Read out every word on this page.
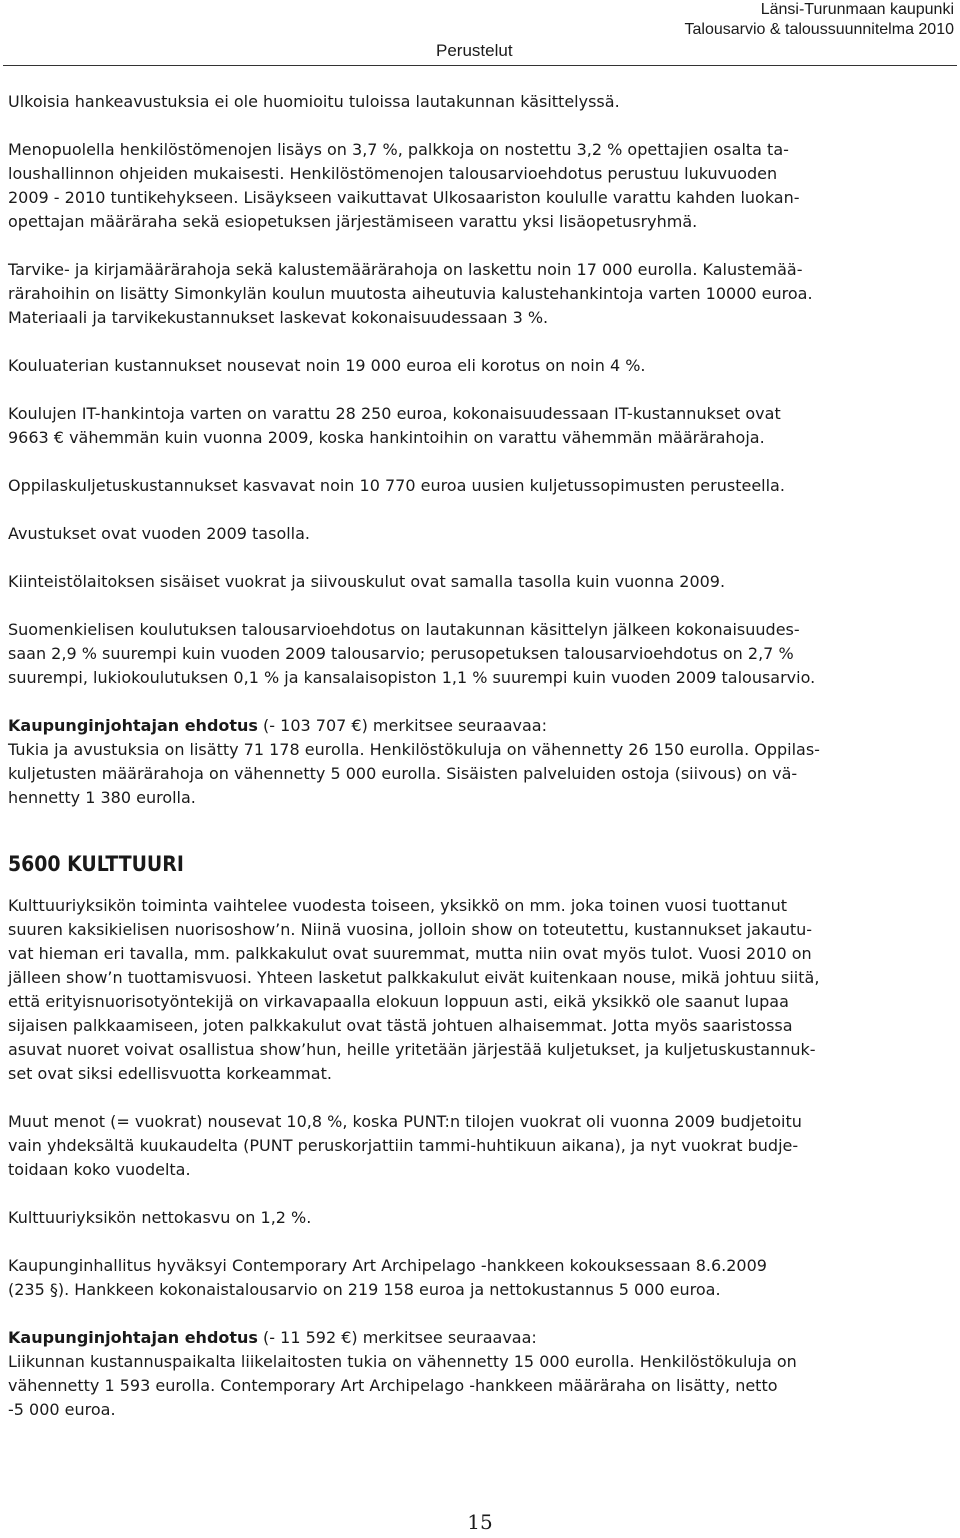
Perustelut
Länsi-Turunmaan kaupunki
Talousarvio & taloussuunnitelma 2010

Ulkoisia hankeavustuksia ei ole huomioitu tuloissa lautakunnan käsittelyssä.

Menopuolella henkilöstömenojen lisäys on 3,7 %, palkkoja on nostettu 3,2 % opettajien osalta ta-
loushallinnon ohjeiden mukaisesti. Henkilöstömenojen talousarvioehdotus perustuu lukuvuoden
2009 - 2010 tuntikehykseen. Lisäykseen vaikuttavat Ulkosaariston koululle varattu kahden luokan-
opettajan määräraha sekä esiopetuksen järjestämiseen varattu yksi lisäopetusryhmä.

Tarvike- ja kirjamäärärahoja sekä kalustemäärärahoja on laskettu noin 17 000 eurolla. Kalustemää-
rärahoihin on lisätty Simonkylän koulun muutosta aiheutuvia kalustehankintoja varten 10000 euroa.
Materiaali ja tarvikekustannukset laskevat kokonaisuudessaan 3 %.

Kouluaterian kustannukset nousevat noin 19 000 euroa eli korotus on noin 4 %.

Koulujen IT-hankintoja varten on varattu 28 250 euroa, kokonaisuudessaan IT-kustannukset ovat
9663 € vähemmän kuin vuonna 2009, koska hankintoihin on varattu vähemmän määrärahoja.

Oppilaskuljetuskustannukset kasvavat noin 10 770 euroa uusien kuljetussopimusten perusteella.

Avustukset ovat vuoden 2009 tasolla.

Kiinteistölaitoksen sisäiset vuokrat ja siivouskulut ovat samalla tasolla kuin vuonna 2009.

Suomenkielisen koulutuksen talousarvioehdotus on lautakunnan käsittelyn jälkeen kokonaisuudes-
saan 2,9 % suurempi kuin vuoden 2009 talousarvio; perusopetuksen talousarvioehdotus on 2,7 %
suurempi, lukiokoulutuksen 0,1 % ja kansalaisopiston 1,1 % suurempi kuin vuoden 2009 talousarvio.

Kaupunginjohtajan ehdotus (- 103 707 €) merkitsee seuraavaa:
Tukia ja avustuksia on lisätty 71 178 eurolla. Henkilöstökuluja on vähennetty 26 150 eurolla. Oppilas-
kuljetusten määrärahoja on vähennetty 5 000 eurolla. Sisäisten palveluiden ostoja (siivous) on vä-
hennetty 1 380 eurolla.

5600 KULTTUURI

Kulttuuriyksikön toiminta vaihtelee vuodesta toiseen, yksikkö on mm. joka toinen vuosi tuottanut
suuren kaksikielisen nuorisoshow’n. Niinä vuosina, jolloin show on toteutettu, kustannukset jakautu-
vat hieman eri tavalla, mm. palkkakulut ovat suuremmat, mutta niin ovat myös tulot. Vuosi 2010 on
jälleen show’n tuottamisvuosi. Yhteen lasketut palkkakulut eivät kuitenkaan nouse, mikä johtuu siitä,
että erityisnuorisotyöntekijä on virkavapaalla elokuun loppuun asti, eikä yksikkö ole saanut lupaa
sijaisen palkkaamiseen, joten palkkakulut ovat tästä johtuen alhaisemmat. Jotta myös saaristossa
asuvat nuoret voivat osallistua show’hun, heille yritetään järjestää kuljetukset, ja kuljetuskustannuk-
set ovat siksi edellisvuotta korkeammat.

Muut menot (= vuokrat) nousevat 10,8 %, koska PUNT:n tilojen vuokrat oli vuonna 2009 budjetoitu
vain yhdeksältä kuukaudelta (PUNT peruskorjattiin tammi-huhtikuun aikana), ja nyt vuokrat budje-
toidaan koko vuodelta.

Kulttuuriyksikön nettokasvu on 1,2 %.

Kaupunginhallitus hyväksyi Contemporary Art Archipelago -hankkeen kokouksessaan 8.6.2009
(235 §). Hankkeen kokonaistalousarvio on 219 158 euroa ja nettokustannus 5 000 euroa.

Kaupunginjohtajan ehdotus (- 11 592 €) merkitsee seuraavaa:
Liikunnan kustannuspaikalta liikelaitosten tukia on vähennetty 15 000 eurolla. Henkilöstökuluja on
vähennetty 1 593 eurolla. Contemporary Art Archipelago -hankkeen määräraha on lisätty, netto
-5 000 euroa.

15
